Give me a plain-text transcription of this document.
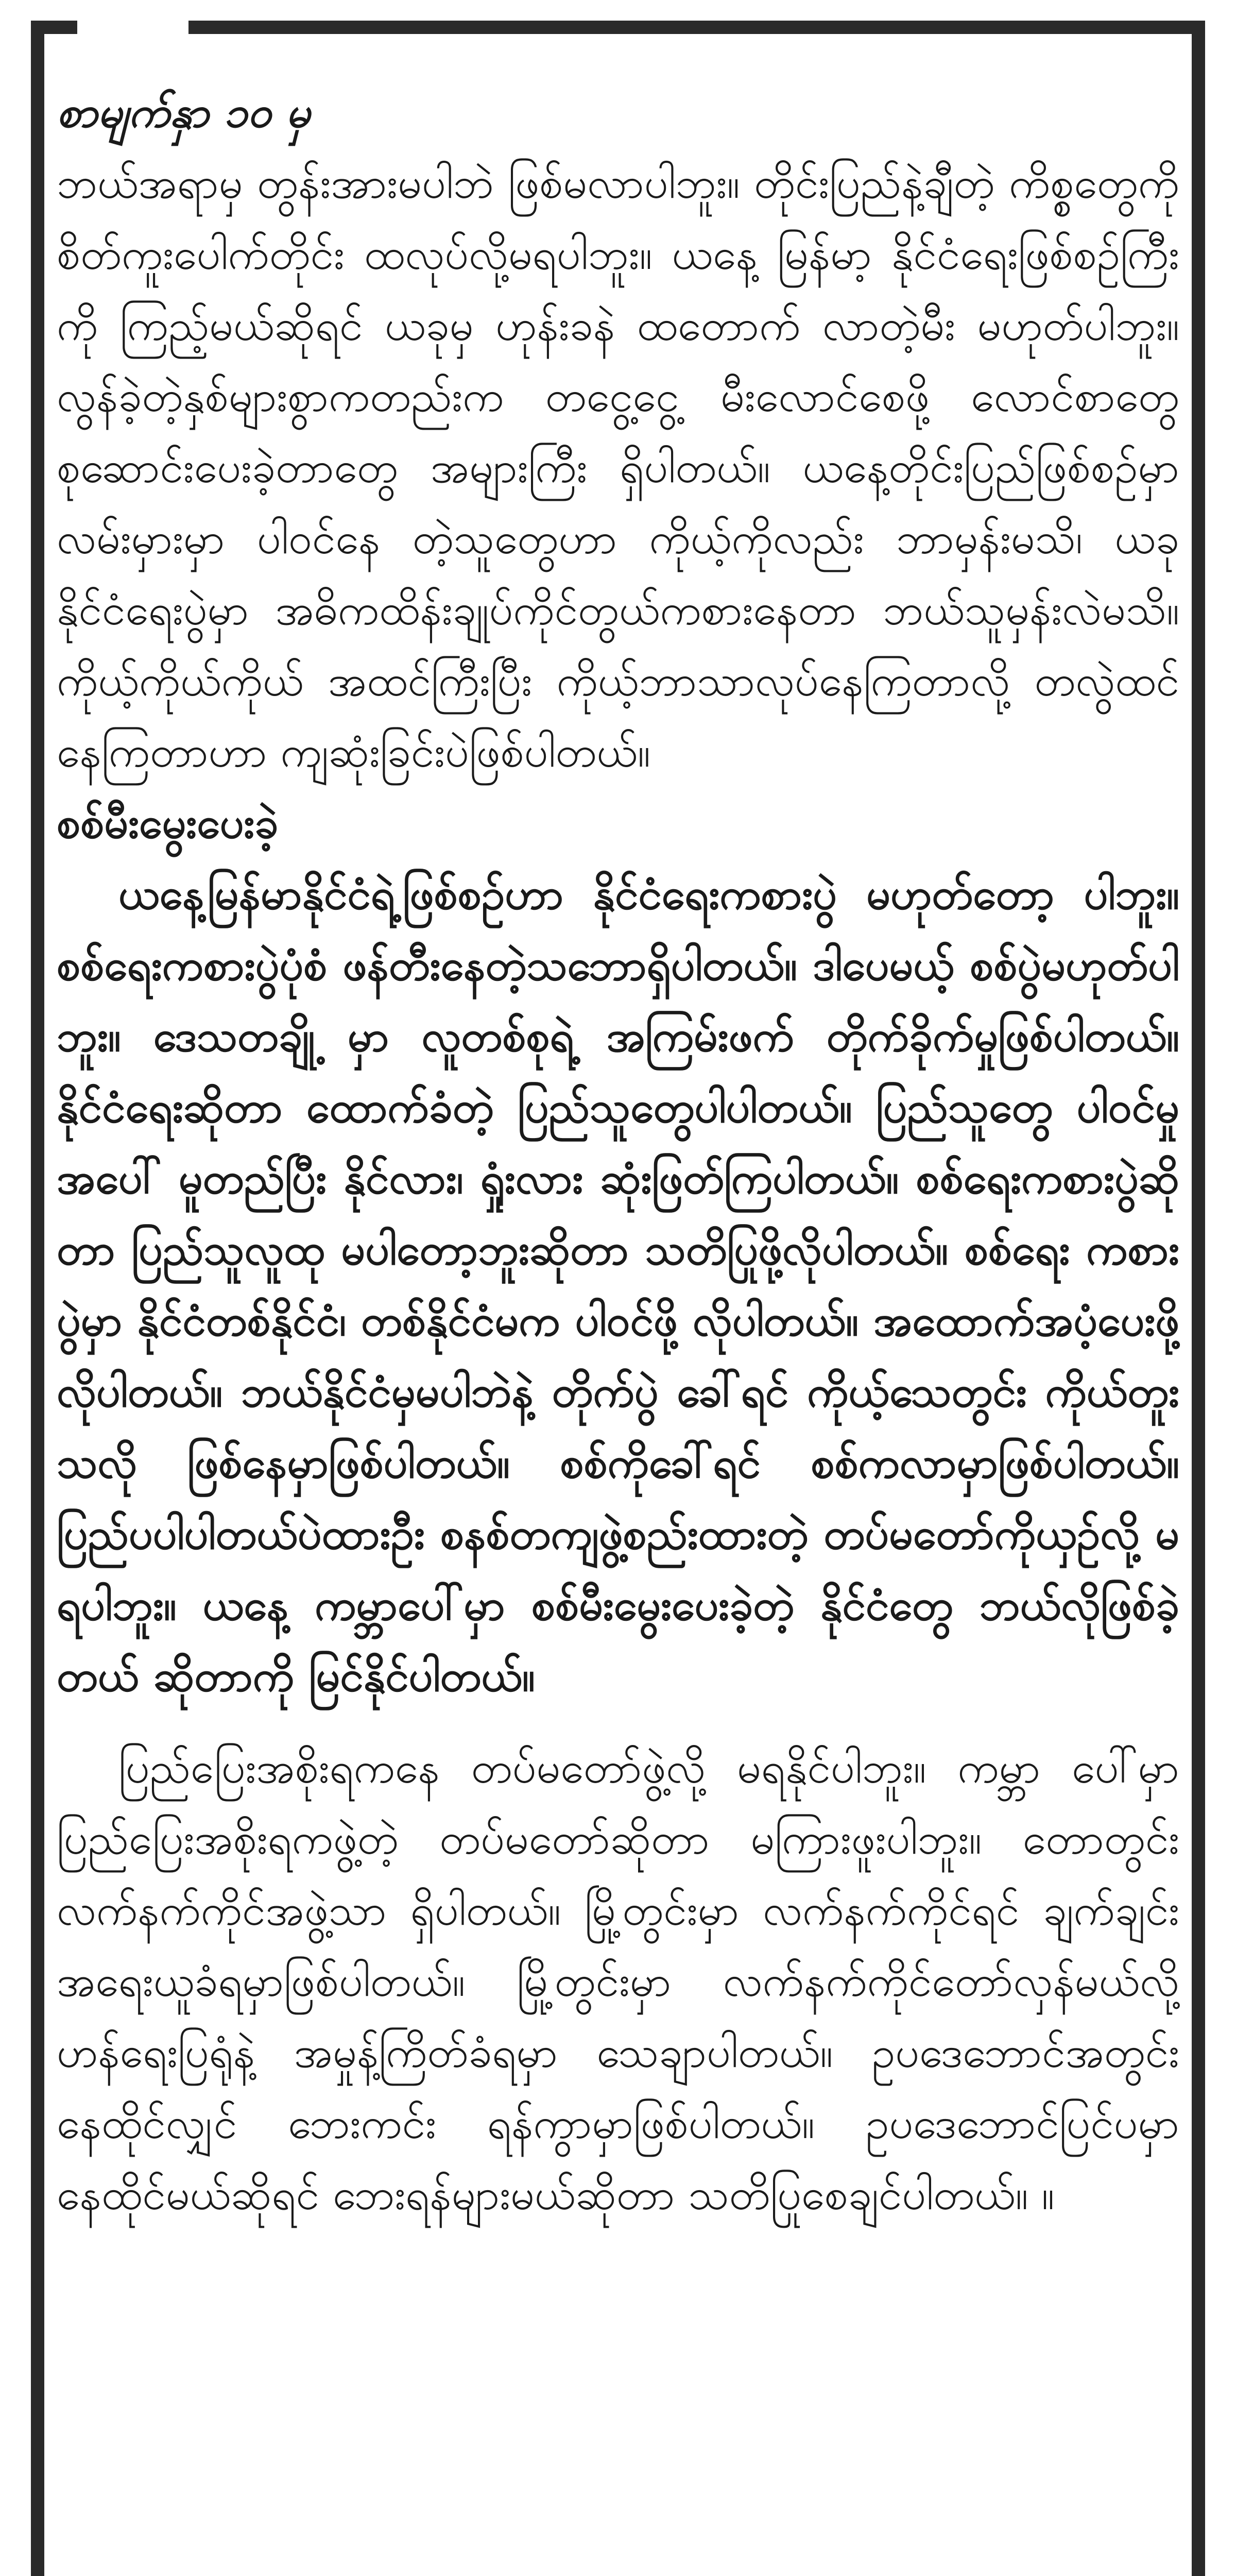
စာမျက်နှာ ၁၀ မှ

ဘယ်အရာမှ တွန်းအားမပါဘဲ ဖြစ်မလာပါဘူး။ တိုင်းပြည်နဲ့ချီတဲ့ ကိစ္စတွေကို စိတ်ကူးပေါက်တိုင်း ထလုပ်လို့မရပါဘူး။ ယနေ့ မြန်မာ့ နိုင်ငံရေးဖြစ်စဉ်ကြီးကို ကြည့်မယ်ဆိုရင် ယခုမှ ဟုန်းခနဲ ထတောက် လာတဲ့မီး မဟုတ်ပါဘူး။ လွန်ခဲ့တဲ့နှစ်များစွာကတည်းက တငွေ့ငွေ့ မီးလောင်စေဖို့ လောင်စာတွေ စုဆောင်းပေးခဲ့တာတွေ အများကြီး ရှိပါတယ်။ ယနေ့တိုင်းပြည်ဖြစ်စဉ်မှာ လမ်းမှားမှာ ပါဝင်နေ တဲ့သူတွေဟာ ကိုယ့်ကိုလည်း ဘာမှန်းမသိ၊ ယခု နိုင်ငံရေးပွဲမှာ အဓိကထိန်းချုပ်ကိုင်တွယ်ကစားနေတာ ဘယ်သူမှန်းလဲမသိ။ ကိုယ့်ကိုယ်ကိုယ် အထင်ကြီးပြီး ကိုယ့်ဘာသာလုပ်နေကြတာလို့ တလွဲထင်နေကြတာဟာ ကျဆုံးခြင်းပဲဖြစ်ပါတယ်။

စစ်မီးမွေးပေးခဲ့

ယနေ့မြန်မာနိုင်ငံရဲ့ဖြစ်စဉ်ဟာ နိုင်ငံရေးကစားပွဲ မဟုတ်တော့ ပါဘူး။ စစ်ရေးကစားပွဲပုံစံ ဖန်တီးနေတဲ့သဘောရှိပါတယ်။ ဒါပေမယ့် စစ်ပွဲမဟုတ်ပါဘူး။ ဒေသတချို့ မှာ လူတစ်စုရဲ့ အကြမ်းဖက် တိုက်ခိုက်မှုဖြစ်ပါတယ်။ နိုင်ငံရေးဆိုတာ ထောက်ခံတဲ့ ပြည်သူတွေပါပါတယ်။ ပြည်သူတွေ ပါဝင်မှုအပေါ် မူတည်ပြီး နိုင်လား၊ ရှုံးလား ဆုံးဖြတ်ကြပါတယ်။ စစ်ရေးကစားပွဲဆိုတာ ပြည်သူလူထု မပါတော့ဘူးဆိုတာ သတိပြုဖို့လိုပါတယ်။ စစ်ရေး ကစားပွဲမှာ နိုင်ငံတစ်နိုင်ငံ၊ တစ်နိုင်ငံမက ပါဝင်ဖို့ လိုပါတယ်။ အထောက်အပံ့ပေးဖို့ လိုပါတယ်။ ဘယ်နိုင်ငံမှမပါဘဲနဲ့ တိုက်ပွဲ ခေါ်ရင် ကိုယ့်သေတွင်း ကိုယ်တူးသလို ဖြစ်နေမှာဖြစ်ပါတယ်။ စစ်ကိုခေါ်ရင် စစ်ကလာမှာဖြစ်ပါတယ်။ ပြည်ပပါပါတယ်ပဲထားဦး စနစ်တကျဖွဲ့စည်းထားတဲ့ တပ်မတော်ကိုယှဉ်လို့ မရပါဘူး။ ယနေ့ ကမ္ဘာပေါ်မှာ စစ်မီးမွေးပေးခဲ့တဲ့ နိုင်ငံတွေ ဘယ်လိုဖြစ်ခဲ့တယ် ဆိုတာကို မြင်နိုင်ပါတယ်။

ပြည်ပြေးအစိုးရကနေ တပ်မတော်ဖွဲ့လို့ မရနိုင်ပါဘူး။ ကမ္ဘာ ပေါ်မှာ ပြည်ပြေးအစိုးရကဖွဲ့တဲ့ တပ်မတော်ဆိုတာ မကြားဖူးပါဘူး။ တောတွင်း လက်နက်ကိုင်အဖွဲ့သာ ရှိပါတယ်။ မြို့တွင်းမှာ လက်နက်ကိုင်ရင် ချက်ချင်းအရေးယူခံရမှာဖြစ်ပါတယ်။ မြို့တွင်းမှာ လက်နက်ကိုင်တော်လှန်မယ်လို့ ဟန်ရေးပြရုံနဲ့ အမှုန့်ကြိတ်ခံရမှာ သေချာပါတယ်။ ဥပဒေဘောင်အတွင်း နေထိုင်လျှင် ဘေးကင်း ရန်ကွာမှာဖြစ်ပါတယ်။ ဥပဒေဘောင်ပြင်ပမှာ နေထိုင်မယ်ဆိုရင် ဘေးရန်များမယ်ဆိုတာ သတိပြုစေချင်ပါတယ်။ ။
